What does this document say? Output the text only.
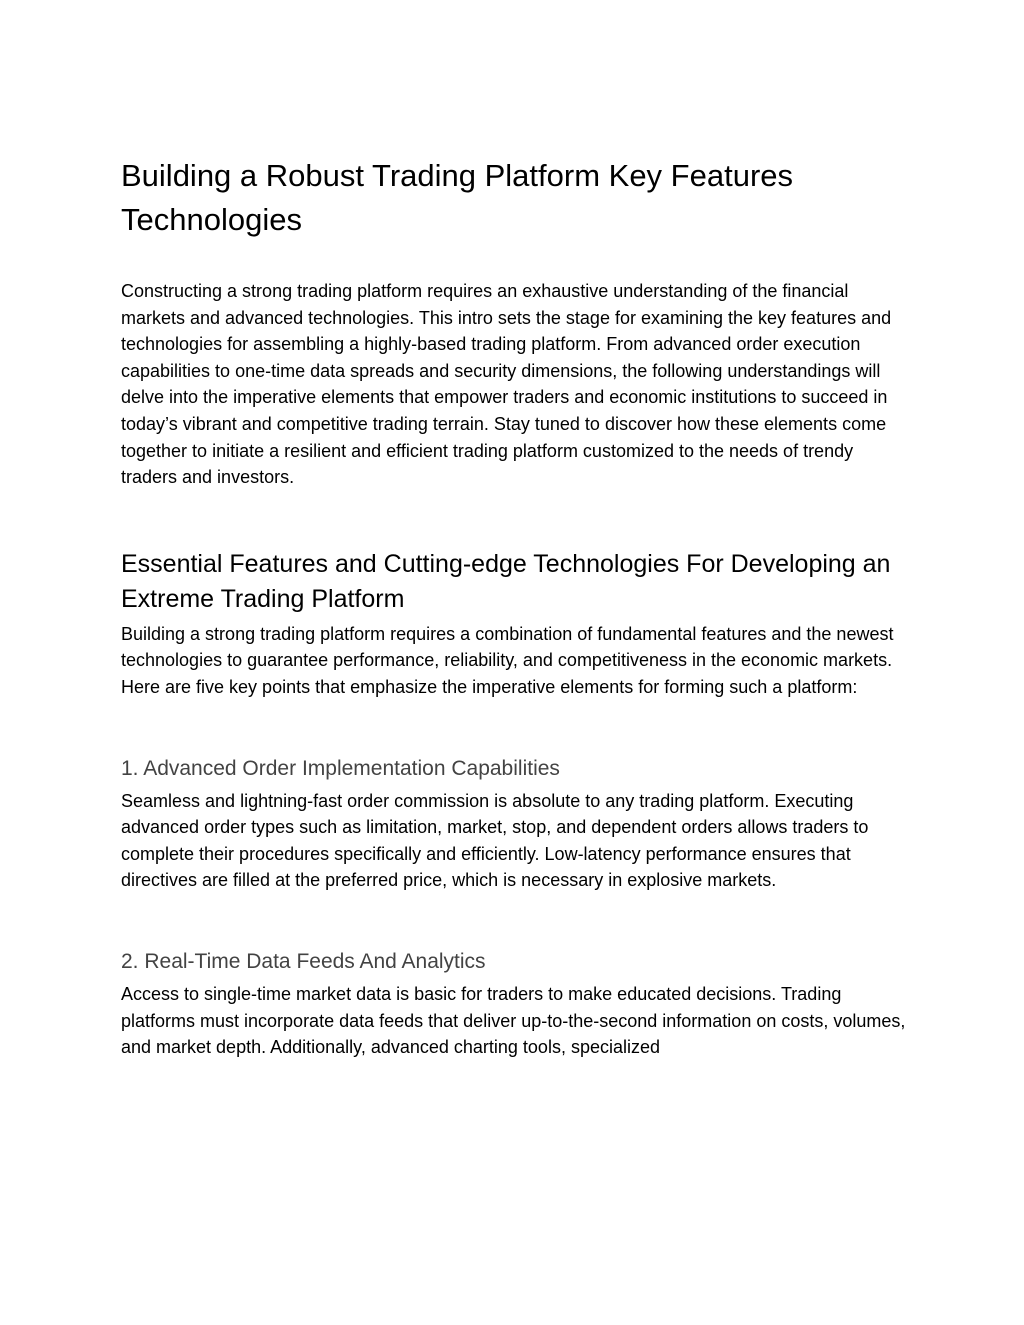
Building a Robust Trading Platform Key Features Technologies

Constructing a strong trading platform requires an exhaustive understanding of the financial markets and advanced technologies. This intro sets the stage for examining the key features and technologies for assembling a highly-based trading platform. From advanced order execution capabilities to one-time data spreads and security dimensions, the following understandings will delve into the imperative elements that empower traders and economic institutions to succeed in today’s vibrant and competitive trading terrain. Stay tuned to discover how these elements come together to initiate a resilient and efficient trading platform customized to the needs of trendy traders and investors.

Essential Features and Cutting-edge Technologies For Developing an Extreme Trading Platform

Building a strong trading platform requires a combination of fundamental features and the newest technologies to guarantee performance, reliability, and competitiveness in the economic markets. Here are five key points that emphasize the imperative elements for forming such a platform:

1. Advanced Order Implementation Capabilities

Seamless and lightning-fast order commission is absolute to any trading platform. Executing advanced order types such as limitation, market, stop, and dependent orders allows traders to complete their procedures specifically and efficiently. Low-latency performance ensures that directives are filled at the preferred price, which is necessary in explosive markets.

2. Real-Time Data Feeds And Analytics

Access to single-time market data is basic for traders to make educated decisions. Trading platforms must incorporate data feeds that deliver up-to-the-second information on costs, volumes, and market depth. Additionally, advanced charting tools, specialized
